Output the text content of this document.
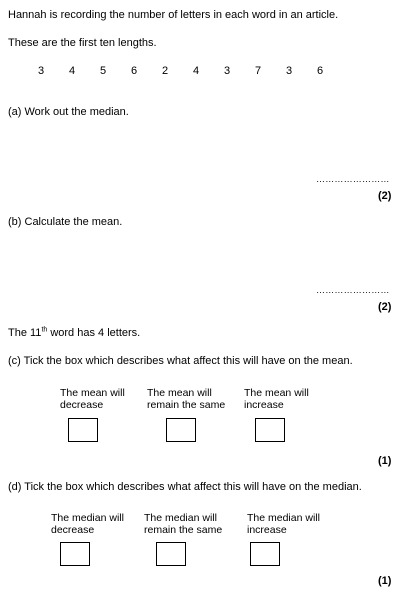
Hannah is recording the number of letters in each word in an article.
These are the first ten lengths.
3	4	5	6	2	4	3	7	3	6
(a) Work out the median.
……………………
(2)
(b) Calculate the mean.
……………………
(2)
The 11th word has 4 letters.
(c) Tick the box which describes what affect this will have on the mean.
The mean will
decrease
The mean will
remain the same
The mean will
increase
(1)
(d) Tick the box which describes what affect this will have on the median.
The median will
decrease
The median will
remain the same
The median will
increase
(1)
